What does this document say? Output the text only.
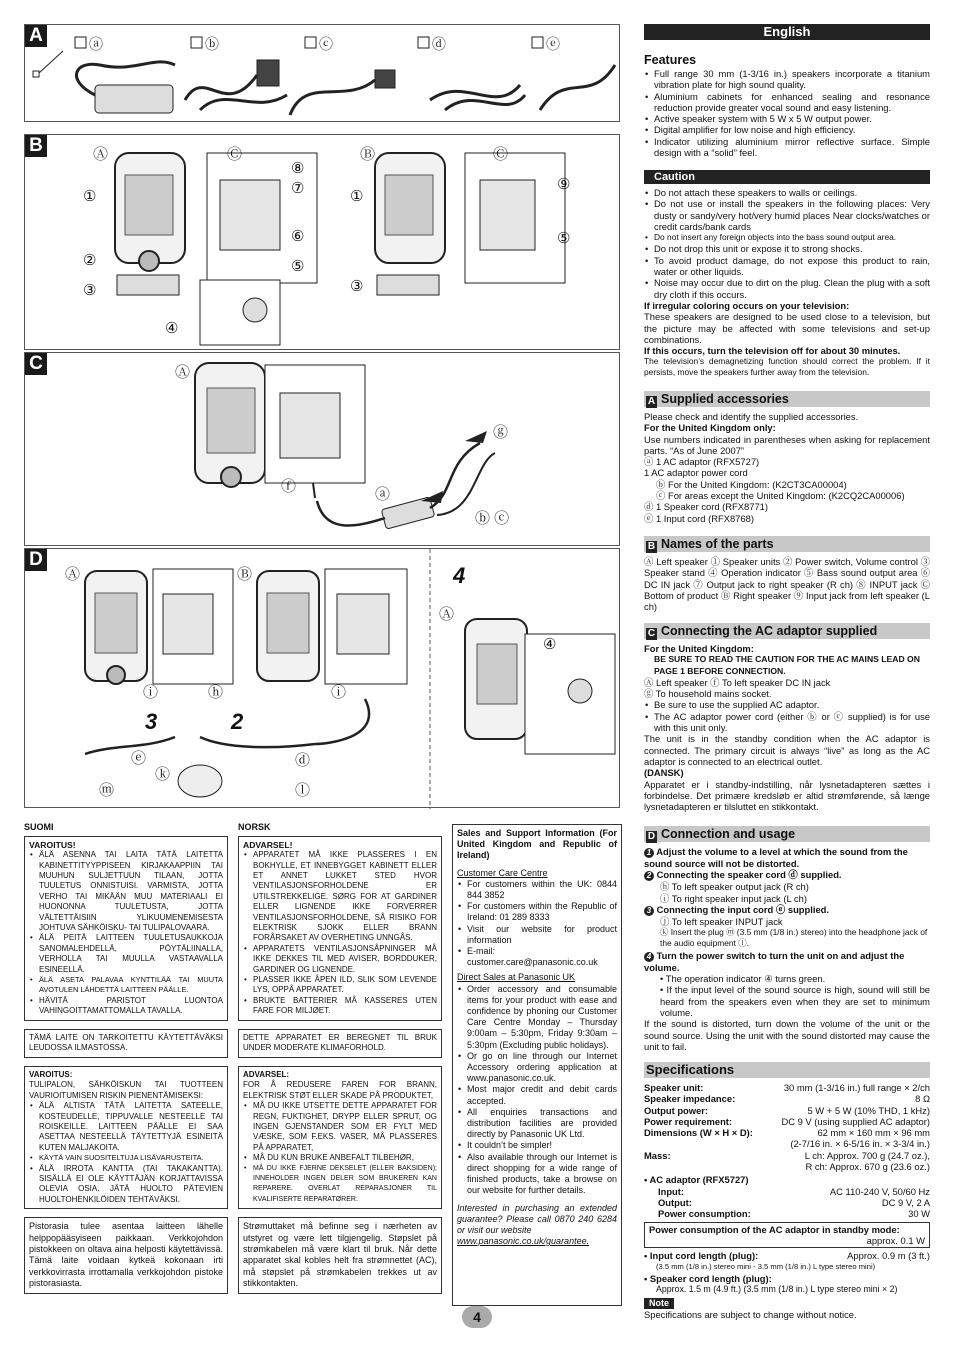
A	ⓐ	ⓑ	ⓒ	ⓓ	ⓔ
B	Ⓐ	Ⓒ	Ⓑ	Ⓒ
①
②
③
④
⑤
⑥
⑦
⑧
①
③
⑤
⑨
C	Ⓐ
ⓖ
ⓐ
ⓕ
ⓑ ⓒ
D
Ⓐ	Ⓑ
ⓘ	ⓗ	ⓘ
ⓔ
ⓚ
ⓜ
ⓓ
ⓛ
Ⓐ
④
4
3	2
English
Features
• Full range 30 mm (1-3/16 in.) speakers incorporate a titanium vibration plate for high sound quality.
• Aluminium cabinets for enhanced sealing and resonance reduction provide greater vocal sound and easy listening.
• Active speaker system with 5 W x 5 W output power.
• Digital amplifier for low noise and high efficiency.
• Indicator utilizing aluminium mirror reflective surface. Simple design with a “solid” feel.
Caution
• Do not attach these speakers to walls or ceilings.
• Do not use or install the speakers in the following places: Very dusty or sandy/very hot/very humid places Near clocks/watches or credit cards/bank cards
• Do not insert any foreign objects into the bass sound output area.
• Do not drop this unit or expose it to strong shocks.
• To avoid product damage, do not expose this product to rain, water or other liquids.
• Noise may occur due to dirt on the plug. Clean the plug with a soft dry cloth if this occurs.

If irregular coloring occurs on your television:

These speakers are designed to be used close to a television, but the picture may be affected with some televisions and set-up combinations.

If this occurs, turn the television off for about 30 minutes.

The television’s demagnetizing function should correct the problem. If it persists, move the speakers further away from the television.

A Supplied accessories

Please check and identify the supplied accessories.

For the United Kingdom only:

Use numbers indicated in parentheses when asking for replacement parts. “As of June 2007”

ⓐ 1 AC adaptor (RFX5727)

1 AC adaptor power cord

ⓑ For the United Kingdom: (K2CT3CA00004)

ⓒ For areas except the United Kingdom: (K2CQ2CA00006)

ⓓ 1 Speaker cord (RFX8771)

ⓔ 1 Input cord (RFX8768)

B Names of the parts

Ⓐ Left speaker ① Speaker units ② Power switch, Volume control ③ Speaker stand ④ Operation indicator ⑤ Bass sound output area ⑥ DC IN jack ⑦ Output jack to right speaker (R ch) ⑧ INPUT jack Ⓒ Bottom of product Ⓑ Right speaker ⑨ Input jack from left speaker (L ch)

C Connecting the AC adaptor supplied

For the United Kingdom:

BE SURE TO READ THE CAUTION FOR THE AC MAINS LEAD ON PAGE 1 BEFORE CONNECTION.

Ⓐ Left speaker ⓕ To left speaker DC IN jack

ⓖ To household mains socket.

• Be sure to use the supplied AC adaptor.
• The AC adaptor power cord (either ⓑ or ⓒ supplied) is for use with this unit only.

The unit is in the standby condition when the AC adaptor is connected. The primary circuit is always “live” as long as the AC adaptor is connected to an electrical outlet.

(DANSK)

Apparatet er i standby-indstilling, når lysnetadapteren sættes i forbindelse. Det primære kredsløb er altid strømførende, så længe lysnetadapteren er tilsluttet en stikkontakt.

D Connection and usage

1 Adjust the volume to a level at which the sound from the sound source will not be distorted.

2 Connecting the speaker cord ⓓ supplied.

ⓗ To left speaker output jack (R ch)

ⓘ To right speaker input jack (L ch)

3 Connecting the input cord ⓔ supplied.

ⓙ To left speaker INPUT jack

ⓚ Insert the plug ⓜ (3.5 mm (1/8 in.) stereo) into the headphone jack of the audio equipment ⓛ.

4 Turn the power switch to turn the unit on and adjust the volume.

• The operation indicator ④ turns green.

• If the input level of the sound source is high, sound will still be heard from the speakers even when they are set to minimum volume.

If the sound is distorted, turn down the volume of the unit or the sound source. Using the unit with the sound distorted may cause the unit to fail.

Specifications
Speaker unit:	30 mm (1-3/16 in.) full range × 2/ch
Speaker impedance:	8 Ω
Output power:	5 W + 5 W (10% THD, 1 kHz)
Power requirement:	DC 9 V (using supplied AC adaptor)
Dimensions (W × H × D):	62 mm × 160 mm × 96 mm
(2-7/16 in. × 6-5/16 in. × 3-3/4 in.)
Mass:	L ch: Approx. 700 g (24.7 oz.),
R ch: Approx. 670 g (23.6 oz.)

• AC adaptor (RFX5727)

Input:	AC 110-240 V, 50/60 Hz
Output:	DC 9 V, 2 A
Power consumption:	30 W

Power consumption of the AC adaptor in standby mode:

approx. 0.1 W

• Input cord length (plug):	Approx. 0.9 m (3 ft.)

(3.5 mm (1/8 in.) stereo mini - 3.5 mm (1/8 in.) L type stereo mini)

• Speaker cord length (plug):

Approx. 1.5 m (4.9 ft.) (3.5 mm (1/8 in.) L type stereo mini × 2)

Note

Specifications are subject to change without notice.

SUOMI

VAROITUS!

• ÄLÄ ASENNA TAI LAITA TÄTÄ LAITETTA KABINETTITYYPPISEEN KIRJAKAAPPIIN TAI MUUHUN SULJETTUUN TILAAN, JOTTA TUULETUS ONNISTUISI. VARMISTA, JOTTA VERHO TAI MIKÄÄN MUU MATERIAALI EI HUONONNA TUULETUSTA, JOTTA VÄLTETTÄISIIN YLIKUUMENEMISESTA JOHTUVA SÄHKÖISKU- TAI TULIPALOVAARA.
• ÄLÄ PEITÄ LAITTEEN TUULETUSAUKKOJA SANOMALEHDELLÄ, PÖYTÄLIINALLA, VERHOLLA TAI MUULLA VASTAAVALLA ESINEELLÄ.
• ÄLÄ ASETA PALAVAA KYNTTILÄÄ TAI MUUTA AVOTULEN LÄHDETTÄ LAITTEEN PÄÄLLE.
• HÄVITÄ PARISTOT LUONTOA VAHINGOITTAMATTOMALLA TAVALLA.
TÄMÄ LAITE ON TARKOITETTU KÄYTETTÄVÄKSI LEUDOSSA ILMASTOSSA.

VAROITUS:

TULIPALON, SÄHKÖISKUN TAI TUOTTEEN VAURIOITUMISEN RISKIN PIENENTÄMISEKSI:

• ÄLÄ ALTISTA TÄTÄ LAITETTA SATEELLE, KOSTEUDELLE, TIPPUVALLE NESTEELLE TAI ROISKEILLE. LAITTEEN PÄÄLLE EI SAA ASETTAA NESTEELLÄ TÄYTETTYJÄ ESINEITÄ KUTEN MALJAKOITA.
• KÄYTÄ VAIN SUOSITELTUJA LISÄVARUSTEITA.
• ÄLÄ IRROTA KANTTA (TAI TAKAKANTTA). SISÄLLÄ EI OLE KÄYTTÄJÄN KORJATTAVISSA OLEVIA OSIA. JÄTÄ HUOLTO PÄTEVIEN HUOLTOHENKILÖIDEN TEHTÄVÄKSI.
Pistorasia tulee asentaa laitteen lähelle helppopääsyiseen paikkaan. Verkkojohdon pistokkeen on oltava aina helposti käytettävissä. Tämä laite voidaan kytkeä kokonaan irti verkkovirrasta irrottamalla verkkojohdon pistoke pistorasiasta.
NORSK

ADVARSEL!

• APPARATET MÅ IKKE PLASSERES I EN BOKHYLLE, ET INNEBYGGET KABINETT ELLER ET ANNET LUKKET STED HVOR VENTILASJONSFORHOLDENE ER UTILSTREKKELIGE. SØRG FOR AT GARDINER ELLER LIGNENDE IKKE FORVERRER VENTILASJONSFORHOLDENE, SÅ RISIKO FOR ELEKTRISK SJOKK ELLER BRANN FORÅRSAKET AV OVERHETING UNNGÅS.
• APPARATETS VENTILASJONSÅPNINGER MÅ IKKE DEKKES TIL MED AVISER, BORDDUKER, GARDINER OG LIGNENDE.
• PLASSER IKKE ÅPEN ILD, SLIK SOM LEVENDE LYS, OPPÅ APPARATET.
• BRUKTE BATTERIER MÅ KASSERES UTEN FARE FOR MILJØET.
DETTE APPARATET ER BEREGNET TIL BRUK UNDER MODERATE KLIMAFORHOLD.

ADVARSEL:

FOR Å REDUSERE FAREN FOR BRANN, ELEKTRISK STØT ELLER SKADE PÅ PRODUKTET,

• MÅ DU IKKE UTSETTE DETTE APPARATET FOR REGN, FUKTIGHET, DRYPP ELLER SPRUT, OG INGEN GJENSTANDER SOM ER FYLT MED VÆSKE, SOM F.EKS. VASER, MÅ PLASSERES PÅ APPARATET,
• MÅ DU KUN BRUKE ANBEFALT TILBEHØR,
• MÅ DU IKKE FJERNE DEKSELET (ELLER BAKSIDEN); INNEHOLDER INGEN DELER SOM BRUKEREN KAN REPARERE. OVERLAT REPARASJONER TIL KVALIFISERTE REPARATØRER.
Strømuttaket må befinne seg i nærheten av utstyret og være lett tilgjengelig. Støpslet på strømkabelen må være klart til bruk. Når dette apparatet skal kobles helt fra strømnettet (AC), må støpslet på strømkabelen trekkes ut av stikkontakten.

Sales and Support Information (For United Kingdom and Republic of Ireland)

Customer Care Centre

• For customers within the UK: 0844 844 3852
• For customers within the Republic of Ireland: 01 289 8333
• Visit our website for product information
• E-mail: customer.care@panasonic.co.uk

Direct Sales at Panasonic UK

• Order accessory and consumable items for your product with ease and confidence by phoning our Customer Care Centre Monday – Thursday 9:00am – 5:30pm, Friday 9:30am – 5:30pm (Excluding public holidays).
• Or go on line through our Internet Accessory ordering application at www.panasonic.co.uk.
• Most major credit and debit cards accepted.
• All enquiries transactions and distribution facilities are provided directly by Panasonic UK Ltd.
• It couldn’t be simpler!
• Also available through our Internet is direct shopping for a wide range of finished products, take a browse on our website for further details.

Interested in purchasing an extended guarantee? Please call 0870 240 6284 or visit our website

www.panasonic.co.uk/guarantee.

4
